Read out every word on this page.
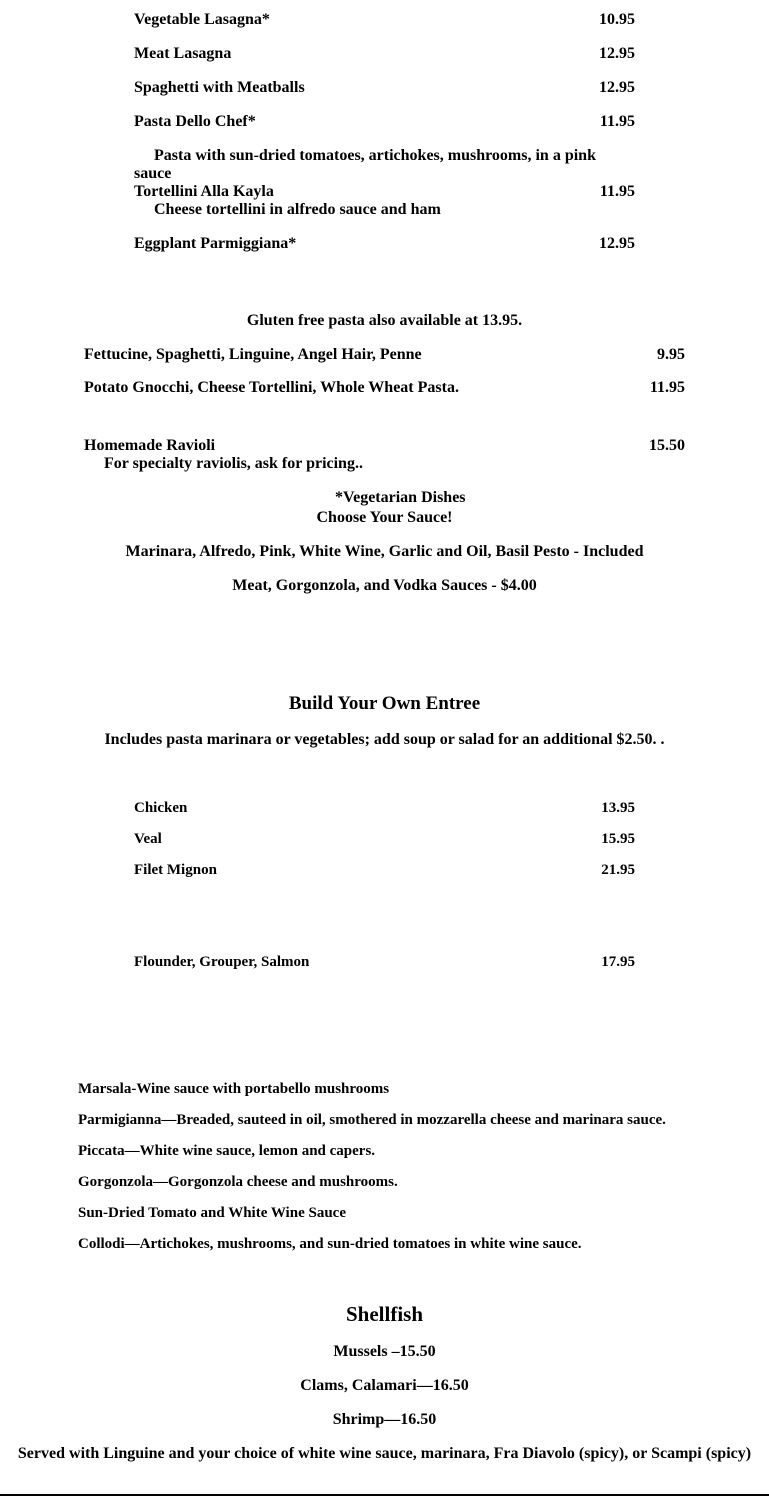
Vegetable Lasagna*	10.95
Meat Lasagna	12.95
Spaghetti with Meatballs	12.95
Pasta Dello Chef*	11.95
Pasta with sun-dried tomatoes, artichokes, mushrooms, in a pink sauce
Tortellini Alla Kayla	11.95
Cheese tortellini in alfredo sauce and ham
Eggplant Parmiggiana*	12.95
Gluten free pasta also available at 13.95.
Fettucine, Spaghetti, Linguine, Angel Hair, Penne	9.95
Potato Gnocchi, Cheese Tortellini, Whole Wheat Pasta.	11.95
Homemade Ravioli	15.50
For specialty raviolis, ask for pricing..
*Vegetarian Dishes
Choose Your Sauce!
Marinara, Alfredo, Pink, White Wine, Garlic and Oil, Basil Pesto - Included
Meat, Gorgonzola, and Vodka Sauces - $4.00
Build Your Own Entree
Includes pasta marinara or vegetables; add soup or salad for an additional $2.50. .
Chicken	13.95
Veal	15.95
Filet Mignon	21.95
Flounder, Grouper, Salmon	17.95
Marsala-Wine sauce with portabello mushrooms
Parmigianna—Breaded, sauteed in oil, smothered in mozzarella cheese and marinara sauce.
Piccata—White wine sauce, lemon and capers.
Gorgonzola—Gorgonzola cheese and mushrooms.
Sun-Dried Tomato and White Wine Sauce
Collodi—Artichokes, mushrooms, and sun-dried tomatoes in white wine sauce.
Shellfish
Mussels –15.50
Clams, Calamari—16.50
Shrimp—16.50
Served with Linguine and your choice of white wine sauce, marinara, Fra Diavolo (spicy), or Scampi (spicy)
